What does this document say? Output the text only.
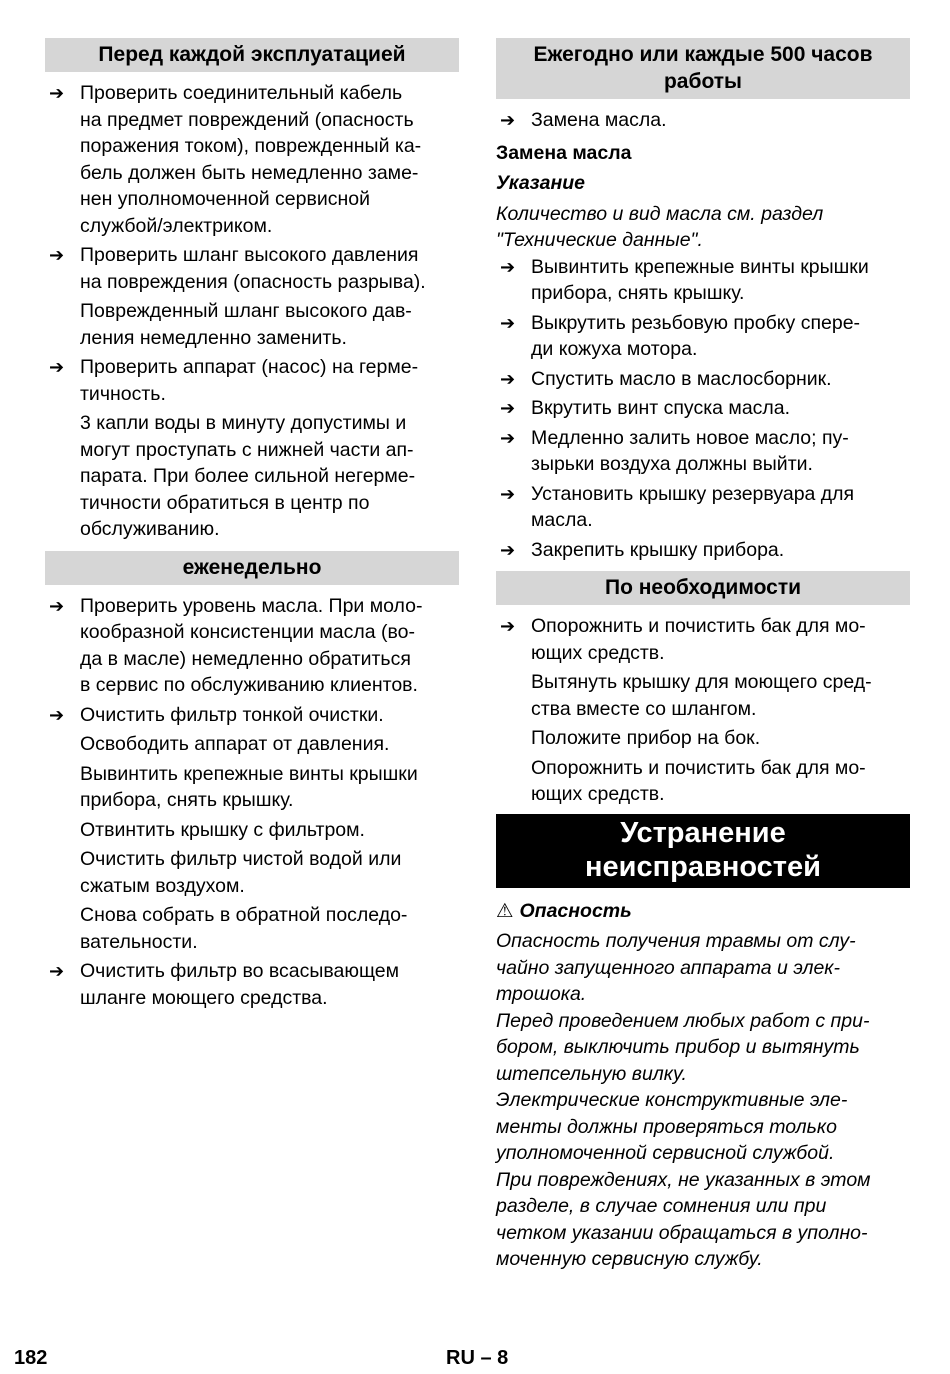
Перед каждой эксплуатацией
➔ Проверить соединительный кабель
на предмет повреждений (опасность
поражения током), поврежденный ка-
бель должен быть немедленно заме-
нен уполномоченной сервисной
службой/электриком.
➔ Проверить шланг высокого давления
на повреждения (опасность разрыва).
Поврежденный шланг высокого дав-
ления немедленно заменить.
➔ Проверить аппарат (насос) на герме-
тичность.
3 капли воды в минуту допустимы и
могут проступать с нижней части ап-
парата. При более сильной негерме-
тичности обратиться в центр по
обслуживанию.
еженедельно
➔ Проверить уровень масла. При моло-
кообразной консистенции масла (во-
да в масле) немедленно обратиться
в сервис по обслуживанию клиентов.
➔ Очистить фильтр тонкой очистки.
Освободить аппарат от давления.
Вывинтить крепежные винты крышки
прибора, снять крышку.
Отвинтить крышку с фильтром.
Очистить фильтр чистой водой или
сжатым воздухом.
Снова собрать в обратной последо-
вательности.
➔ Очистить фильтр во всасывающем
шланге моющего средства.
Ежегодно или каждые 500 часов
работы
➔ Замена масла.
Замена масла
Указание
Количество и вид масла см. раздел
"Технические данные".
➔ Вывинтить крепежные винты крышки
прибора, снять крышку.
➔ Выкрутить резьбовую пробку спере-
ди кожуха мотора.
➔ Спустить масло в маслосборник.
➔ Вкрутить винт спуска масла.
➔ Медленно залить новое масло; пу-
зырьки воздуха должны выйти.
➔ Установить крышку резервуара для
масла.
➔ Закрепить крышку прибора.
По необходимости
➔ Опорожнить и почистить бак для мо-
ющих средств.
Вытянуть крышку для моющего сред-
ства вместе со шлангом.
Положите прибор на бок.
Опорожнить и почистить бак для мо-
ющих средств.
Устранение
неисправностей
⚠ Опасность
Опасность получения травмы от слу-
чайно запущенного аппарата и элек-
трошока.
Перед проведением любых работ с при-
бором, выключить прибор и вытянуть
штепсельную вилку.
Электрические конструктивные эле-
менты должны проверяться только
уполномоченной сервисной службой.
При повреждениях, не указанных в этом
разделе, в случае сомнения или при
четком указании обращаться в уполно-
моченную сервисную службу.
182	RU – 8
